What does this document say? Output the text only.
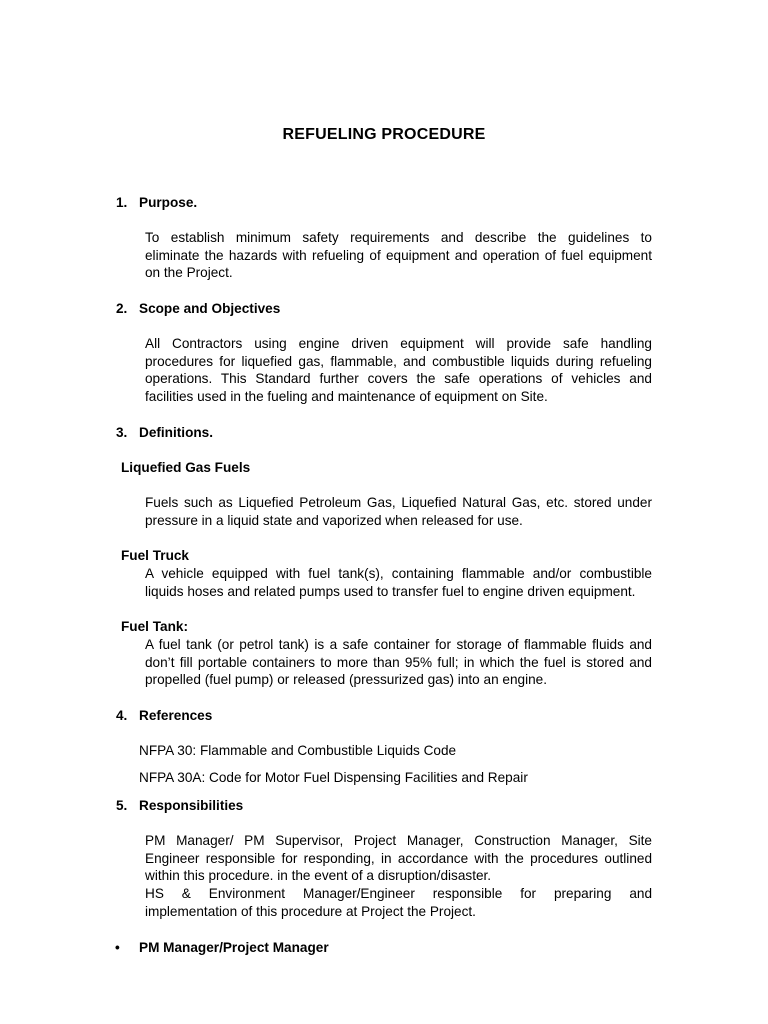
REFUELING PROCEDURE
1. Purpose.
To establish minimum safety requirements and describe the guidelines to
eliminate the hazards with refueling of equipment and operation of fuel equipment
on the Project.
2. Scope and Objectives
All Contractors using engine driven equipment will provide safe handling
procedures for liquefied gas, flammable, and combustible liquids during refueling
operations. This Standard further covers the safe operations of vehicles and
facilities used in the fueling and maintenance of equipment on Site.
3. Definitions.
Liquefied Gas Fuels
Fuels such as Liquefied Petroleum Gas, Liquefied Natural Gas, etc. stored under
pressure in a liquid state and vaporized when released for use.
Fuel Truck
A vehicle equipped with fuel tank(s), containing flammable and/or combustible
liquids hoses and related pumps used to transfer fuel to engine driven equipment.
Fuel Tank:
A fuel tank (or petrol tank) is a safe container for storage of flammable fluids and
don’t fill portable containers to more than 95% full; in which the fuel is stored and
propelled (fuel pump) or released (pressurized gas) into an engine.
4. References
NFPA 30: Flammable and Combustible Liquids Code
NFPA 30A: Code for Motor Fuel Dispensing Facilities and Repair
5. Responsibilities
PM Manager/ PM Supervisor, Project Manager, Construction Manager, Site
Engineer responsible for responding, in accordance with the procedures outlined
within this procedure. in the event of a disruption/disaster.
HS & Environment Manager/Engineer responsible for preparing and
implementation of this procedure at Project the Project.
• PM Manager/Project Manager
